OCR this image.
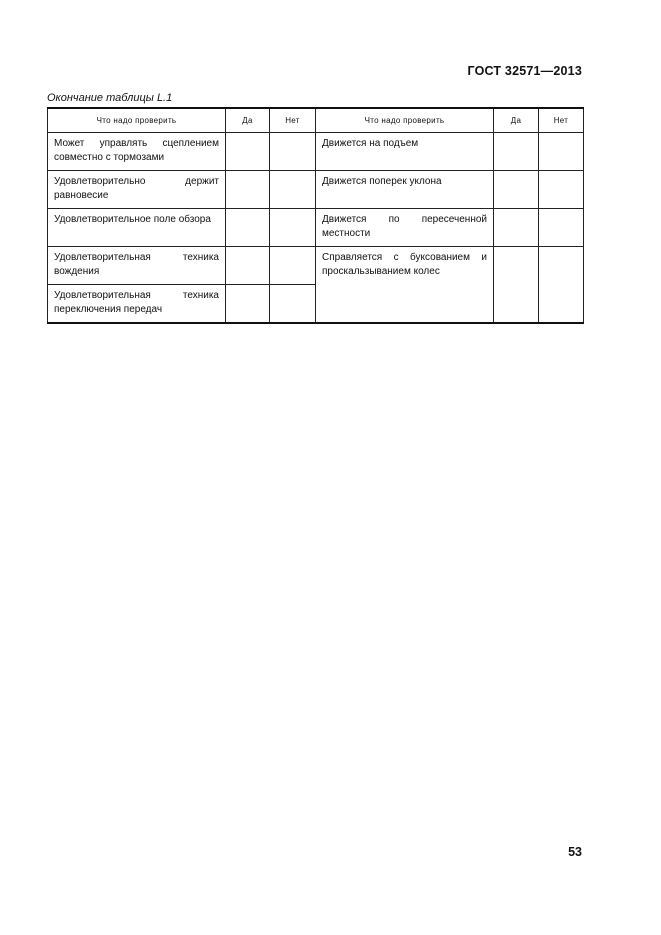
ГОСТ 32571—2013
Окончание таблицы L.1
Что надо проверить	Да	Нет	Что надо проверить	Да	Нет
Может управлять сцеплением совместно с тормозами			Движется на подъем		
Удовлетворительно держит равновесие			Движется поперек уклона		
Удовлетворительное поле обзора			Движется по пересеченной местности		
Удовлетворительная техника вождения			Справляется с буксованием и проскальзыванием колес		
Удовлетворительная техника переключения передач					
53
